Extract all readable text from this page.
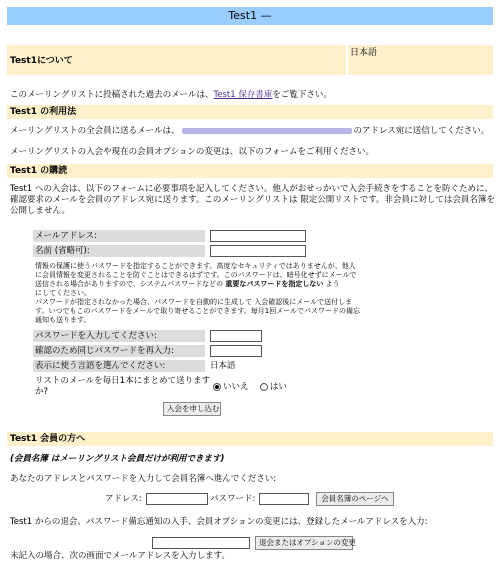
Test1 —
Test1について
日本語
このメーリングリストに投稿された過去のメールは、Test1 保存書庫をご覧下さい。
Test1 の利用法
メーリングリストの全会員に送るメールは、	のアドレス宛に送信してください。
メーリングリストの入会や現在の会員オプションの変更は、以下のフォームをご利用ください。
Test1 の購読
Test1 への入会は、以下のフォームに必要事項を記入してください。他人がおせっかいで入会手続きをすることを防ぐために、
確認要求のメールを会員のアドレス宛に送ります。このメーリングリストは 限定公開リストです。非会員に対しては会員名簿を
公開しません。
メールアドレス:
名前 (省略可):
情報の保護に使うパスワードを指定することができます。高度なセキュリティではありませんが、他人
に会員情報を変更されることを防ぐことはできるはずです。このパスワードは、暗号化せずにメールで
送信される場合がありますので、システムパスワードなどの 重要なパスワードを指定しない よう
にしてください。
パスワードが指定されなかった場合、パスワードを自動的に生成して 入会確認後にメールで送付しま
す。いつでもこのパスワードをメールで取り寄せることができます。毎月1回メールでパスワードの備忘
通知も送ります。
パスワードを入力してください:
確認のため同じパスワードを再入力:
表示に使う言語を選んでください:	日本語
リストのメールを毎日1本にまとめて送ります
か?	いいえ	はい
入会を申し込む
Test1 会員の方へ
(会員名簿 はメーリングリスト会員だけが利用できます)
あなたのアドレスとパスワードを入力して会員名簿へ進んでください:
アドレス:	パスワード:	会員名簿のページへ
Test1 からの退会、パスワード備忘通知の入手、会員オプションの変更には、登録したメールアドレスを入力:
退会またはオプションの変更
未記入の場合、次の画面でメールアドレスを入力します。
